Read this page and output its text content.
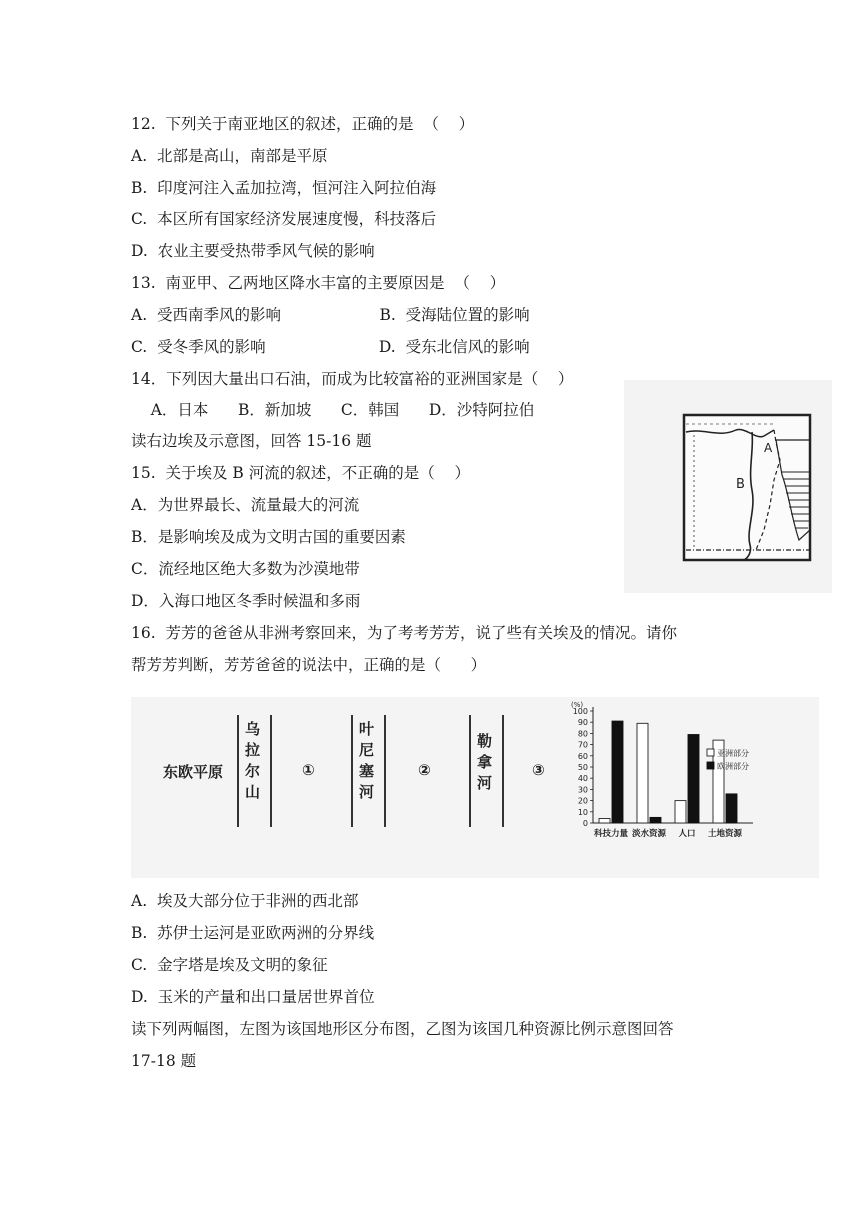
12.  下列关于南亚地区的叙述，正确的是  （    ）
A.  北部是高山，南部是平原
B.  印度河注入孟加拉湾，恒河注入阿拉伯海
C.  本区所有国家经济发展速度慢，科技落后
D.  农业主要受热带季风气候的影响
13.  南亚甲、乙两地区降水丰富的主要原因是  （    ）
A.  受西南季风的影响                    B.  受海陆位置的影响
C.  受冬季风的影响                       D.  受东北信风的影响
14．下列因大量出口石油，而成为比较富裕的亚洲国家是（    ）
A．日本      B．新加坡      C．韩国      D．沙特阿拉伯
读右边埃及示意图，回答 15-16 题
15.  关于埃及 B 河流的叙述，不正确的是（    ）
A．为世界最长、流量最大的河流
B．是影响埃及成为文明古国的重要因素
C．流经地区绝大多数为沙漠地带
D．入海口地区冬季时候温和多雨
16.  芳芳的爸爸从非洲考察回来，为了考考芳芳，说了些有关埃及的情况。请你
帮芳芳判断，芳芳爸爸的说法中，正确的是（      ）
A.  埃及大部分位于非洲的西北部
B.  苏伊士运河是亚欧两洲的分界线
C.  金字塔是埃及文明的象征
D.  玉米的产量和出口量居世界首位
读下列两幅图，左图为该国地形区分布图，乙图为该国几种资源比例示意图回答
17-18 题
A
B
东欧平原 乌拉尔山	①	叶尼塞河	②	勒拿河	③
(%)
0
10
20
30
40
50
60
70
80
90
100
科技力量 淡水资源 人口 土地资源
亚洲部分
欧洲部分
